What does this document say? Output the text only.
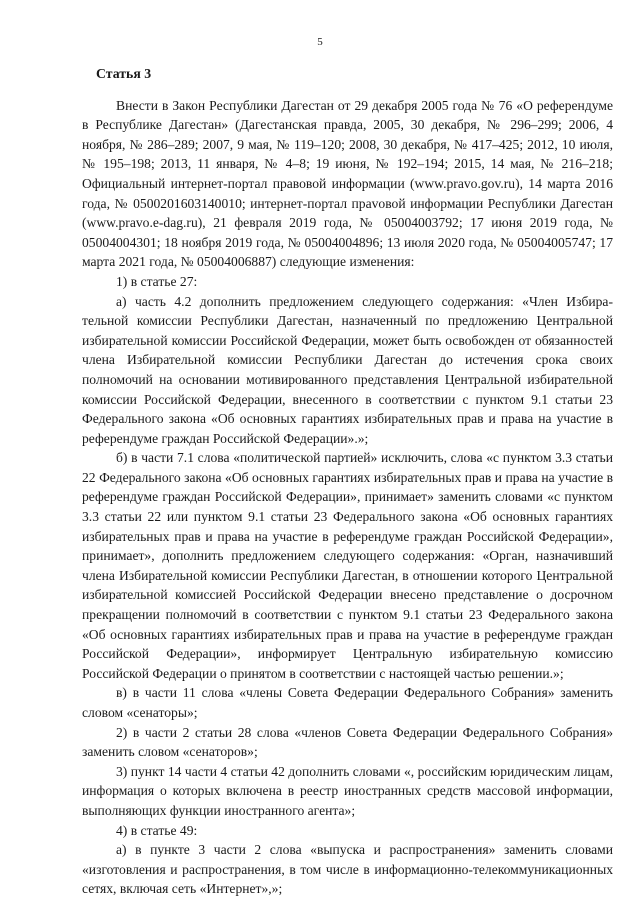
5
Статья 3

Внести в Закон Республики Дагестан от 29 декабря 2005 года № 76 «О референдуме в Республике Дагестан» (Дагестанская правда, 2005, 30 декабря, № 296–299; 2006, 4 ноября, № 286–289; 2007, 9 мая, № 119–120; 2008, 30 декабря, № 417–425; 2012, 10 июля, № 195–198; 2013, 11 января, № 4–8; 19 июня, № 192–194; 2015, 14 мая, № 216–218; Официальный интернет-портал правовой информации (www.pravo.gov.ru), 14 марта 2016 года, № 0500201603140010; интернет-портал праvовой информации Республики Дагестан (www.pravo.e-dag.ru), 21 февраля 2019 года, № 05004003792; 17 июня 2019 года, № 05004004301; 18 ноября 2019 года, № 05004004896; 13 июля 2020 года, № 05004005747; 17 марта 2021 года, № 05004006887) следующие изменения:

1) в статье 27:

а) часть 4.2 дополнить предложением следующего содержания: «Член Избирательной комиссии Республики Дагестан, назначенный по предложению Центральной избирательной комиссии Российской Федерации, может быть освобожден от обязанностей члена Избирательной комиссии Республики Дагестан до истечения срока своих полномочий на основании мотивированного представления Центральной избирательной комиссии Российской Федерации, внесенного в соответствии с пунктом 9.1 статьи 23 Федерального закона «Об основных гарантиях избирательных прав и права на участие в референдуме граждан Российской Федерации».»;

б) в части 7.1 слова «политической партией» исключить, слова «с пунктом 3.3 статьи 22 Федерального закона «Об основных гарантиях избирательных прав и права на участие в референдуме граждан Российской Федерации», принимает» заменить словами «с пунктом 3.3 статьи 22 или пунктом 9.1 статьи 23 Федерального закона «Об основных гарантиях избирательных прав и права на участие в референдуме граждан Российской Федерации», принимает», дополнить предложением следующего содержания: «Орган, назначивший члена Избирательной комиссии Республики Дагестан, в отношении которого Центральной избирательной комиссией Российской Федерации внесено представление о досрочном прекращении полномочий в соответствии с пунктом 9.1 статьи 23 Федерального закона «Об основных гарантиях избирательных прав и права на участие в референдуме граждан Российской Федерации», информирует Центральную избирательную комиссию Российской Федерации о принятом в соответствии с настоящей частью решении.»;

в) в части 11 слова «члены Совета Федерации Федерального Собрания» заменить словом «сенаторы»;

2) в части 2 статьи 28 слова «членов Совета Федерации Федерального Собрания» заменить словом «сенаторов»;

3) пункт 14 части 4 статьи 42 дополнить словами «, российским юридическим лицам, информация о которых включена в реестр иностранных средств массовой информации, выполняющих функции иностранного агента»;

4) в статье 49:

а) в пункте 3 части 2 слова «выпуска и распространения» заменить словами «изготовления и распространения, в том числе в информационно-телекоммуникационных сетях, включая сеть «Интернет»,»;
